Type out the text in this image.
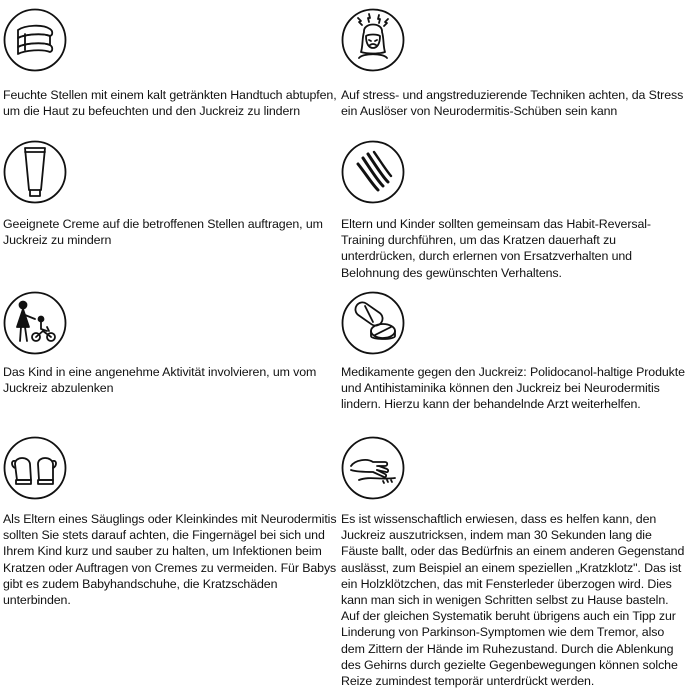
Feuchte Stellen mit einem kalt getränkten Handtuch abtupfen, um die Haut zu befeuchten und den Juckreiz zu lindern

Auf stress- und angstreduzierende Techniken achten, da Stress ein Auslöser von Neurodermitis-Schüben sein kann

Geeignete Creme auf die betroffenen Stellen auftragen, um Juckreiz zu mindern

Eltern und Kinder sollten gemeinsam das Habit-Reversal-Training durchführen, um das Kratzen dauerhaft zu unterdrücken, durch erlernen von Ersatzverhalten und Belohnung des gewünschten Verhaltens.

Das Kind in eine angenehme Aktivität involvieren, um vom Juckreiz abzulenken

Medikamente gegen den Juckreiz: Polidocanol-haltige Produkte und Antihistaminika können den Juckreiz bei Neurodermitis lindern. Hierzu kann der behandelnde Arzt weiterhelfen.

Als Eltern eines Säuglings oder Kleinkindes mit Neurodermitis sollten Sie stets darauf achten, die Fingernägel bei sich und Ihrem Kind kurz und sauber zu halten, um Infektionen beim Kratzen oder Auftragen von Cremes zu vermeiden. Für Babys gibt es zudem Babyhandschuhe, die Kratzschäden unterbinden.

Es ist wissenschaftlich erwiesen, dass es helfen kann, den Juckreiz auszutricksen, indem man 30 Sekunden lang die Fäuste ballt, oder das Bedürfnis an einem anderen Gegenstand auslässt, zum Beispiel an einem speziellen „Kratzklotz". Das ist ein Holzklötzchen, das mit Fensterleder überzogen wird. Dies kann man sich in wenigen Schritten selbst zu Hause basteln. Auf der gleichen Systematik beruht übrigens auch ein Tipp zur Linderung von Parkinson-Symptomen wie dem Tremor, also dem Zittern der Hände im Ruhezustand. Durch die Ablenkung des Gehirns durch gezielte Gegenbewegungen können solche Reize zumindest temporär unterdrückt werden.
